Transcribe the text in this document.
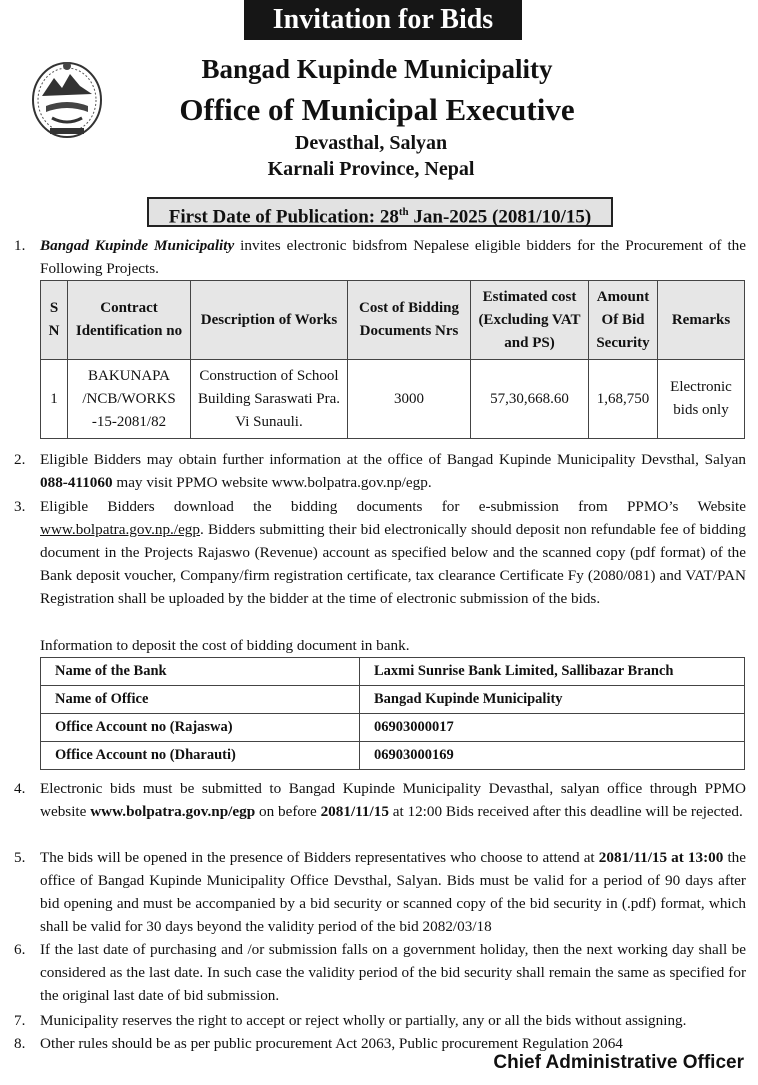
Invitation for Bids
Bangad Kupinde Municipality
Office of Municipal Executive
Devasthal, Salyan
Karnali Province, Nepal
First Date of Publication: 28th Jan-2025 (2081/10/15)
1. Bangad Kupinde Municipality invites electronic bidsfrom Nepalese eligible bidders for the Procurement of the Following Projects.
S N	Contract Identification no	Description of Works	Cost of Bidding Documents Nrs	Estimated cost (Excluding VAT and PS)	Amount Of Bid Security	Remarks
1	BAKUNAPA /NCB/WORKS -15-2081/82	Construction of School Building Saraswati Pra. Vi Sunauli.	3000	57,30,668.60	1,68,750	Electronic bids only
2. Eligible Bidders may obtain further information at the office of Bangad Kupinde Municipality Devsthal, Salyan 088-411060 may visit PPMO website www.bolpatra.gov.np/egp.
3. Eligible Bidders download the bidding documents for e-submission from PPMO’s Website www.bolpatra.gov.np./egp. Bidders submitting their bid electronically should deposit non refundable fee of bidding document in the Projects Rajaswo (Revenue) account as specified below and the scanned copy (pdf format) of the Bank deposit voucher, Company/firm registration certificate, tax clearance Certificate Fy (2080/081) and VAT/PAN Registration shall be uploaded by the bidder at the time of electronic submission of the bids.
Information to deposit the cost of bidding document in bank.
Name of the Bank	Laxmi Sunrise Bank Limited, Sallibazar Branch
Name of Office	Bangad Kupinde Municipality
Office Account no (Rajaswa)	06903000017
Office Account no (Dharauti)	06903000169
4. Electronic bids must be submitted to Bangad Kupinde Municipality Devasthal, salyan office through PPMO website www.bolpatra.gov.np/egp on before 2081/11/15 at 12:00 Bids received after this deadline will be rejected.
5. The bids will be opened in the presence of Bidders representatives who choose to attend at 2081/11/15 at 13:00 the office of Bangad Kupinde Municipality Office Devsthal, Salyan. Bids must be valid for a period of 90 days after bid opening and must be accompanied by a bid security or scanned copy of the bid security in (.pdf) format, which shall be valid for 30 days beyond the validity period of the bid 2082/03/18
6. If the last date of purchasing and /or submission falls on a government holiday, then the next working day shall be considered as the last date. In such case the validity period of the bid security shall remain the same as specified for the original last date of bid submission.
7. Municipality reserves the right to accept or reject wholly or partially, any or all the bids without assigning.
8. Other rules should be as per public procurement Act 2063, Public procurement Regulation 2064
Chief Administrative Officer
